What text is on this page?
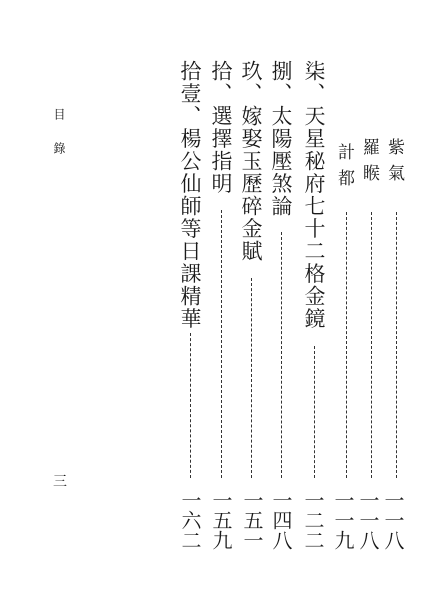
目錄
三
紫氣
一一八
羅睺
一一八
計都
一一九
柒、天星秘府七十二格金鏡
一二二
捌、太陽壓煞論
一四八
玖、嫁娶玉歷碎金賦
一五一
拾、選擇指明
一五九
拾壹、楊公仙師等日課精華
一六二
